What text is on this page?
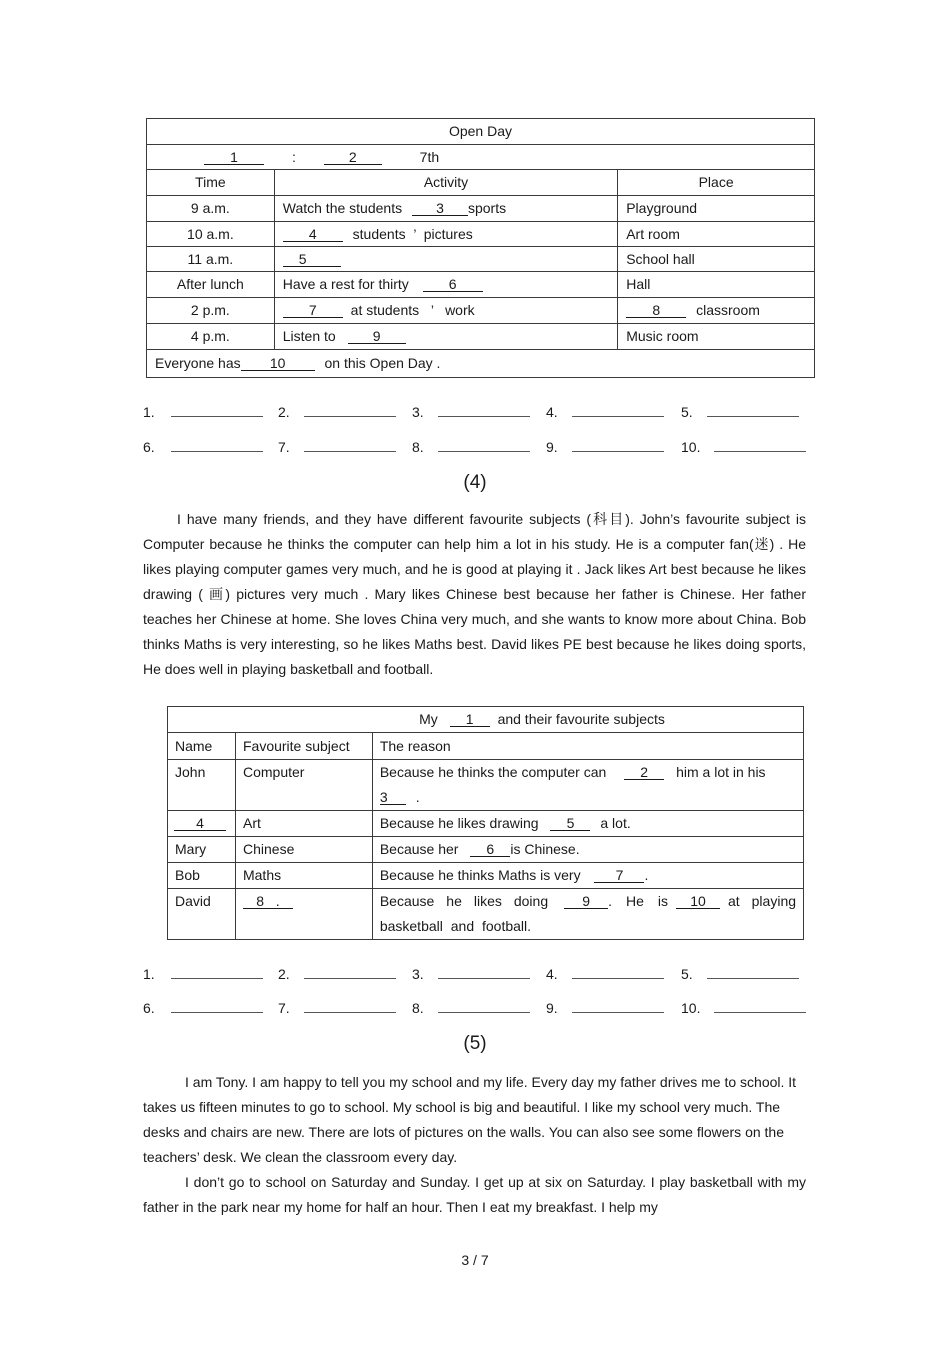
Open Day		
1 : 2 7th		
Time	Activity	Place
9 a.m.	Watch the students 3 sports	Playground
10 a.m.	4 students  ’  pictures	Art room
11 a.m.	5	School hall
After lunch	Have a rest for thirty 6	Hall
2 p.m.	7 at students   ’   work	8 classroom
4 p.m.	Listen to 9	Music room
Everyone has 10 on this Open Day .		
1.	2.	3.	4.	5.
6.	7.	8.	9.	10.
(4)

I have many friends, and they have different favourite subjects (科目). John’s favourite subject is Computer because he thinks the computer can help him a lot in his study. He is a computer fan(迷) . He likes playing computer games very much, and he is good at playing it . Jack likes Art best because he likes drawing ( 画) pictures very much . Mary likes Chinese best because her father is Chinese. Her father teaches her Chinese at home. She loves China very much, and she wants to know more about China. Bob thinks Maths is very interesting, so he likes Maths best. David likes PE best because he likes doing sports, He does well in playing basketball and football.

My 1 and their favourite subjects		
Name	Favourite subject	The reason
John	Computer	Because he thinks the computer can 2 him a lot in his
3 .
4	Art	Because he likes drawing 5 a lot.
Mary	Chinese	Because her 6 is Chinese.
Bob	Maths	Because he thinks Maths is very 7 .
David	8 .	Because he likes doing 9 . He is 10 at playing basketball and football.
1.	2.	3.	4.	5.
6.	7.	8.	9.	10.
(5)

I am Tony. I am happy to tell you my school and my life. Every day my father drives me to school. It takes us fifteen minutes to go to school. My school is big and beautiful. I like my school very much. The desks and chairs are new. There are lots of pictures on the walls. You can also see some flowers on the teachers’ desk. We clean the classroom every day.

I don’t go to school on Saturday and Sunday. I get up at six on Saturday. I play basketball with my father in the park near my home for half an hour. Then I eat my breakfast. I help my

3 / 7
